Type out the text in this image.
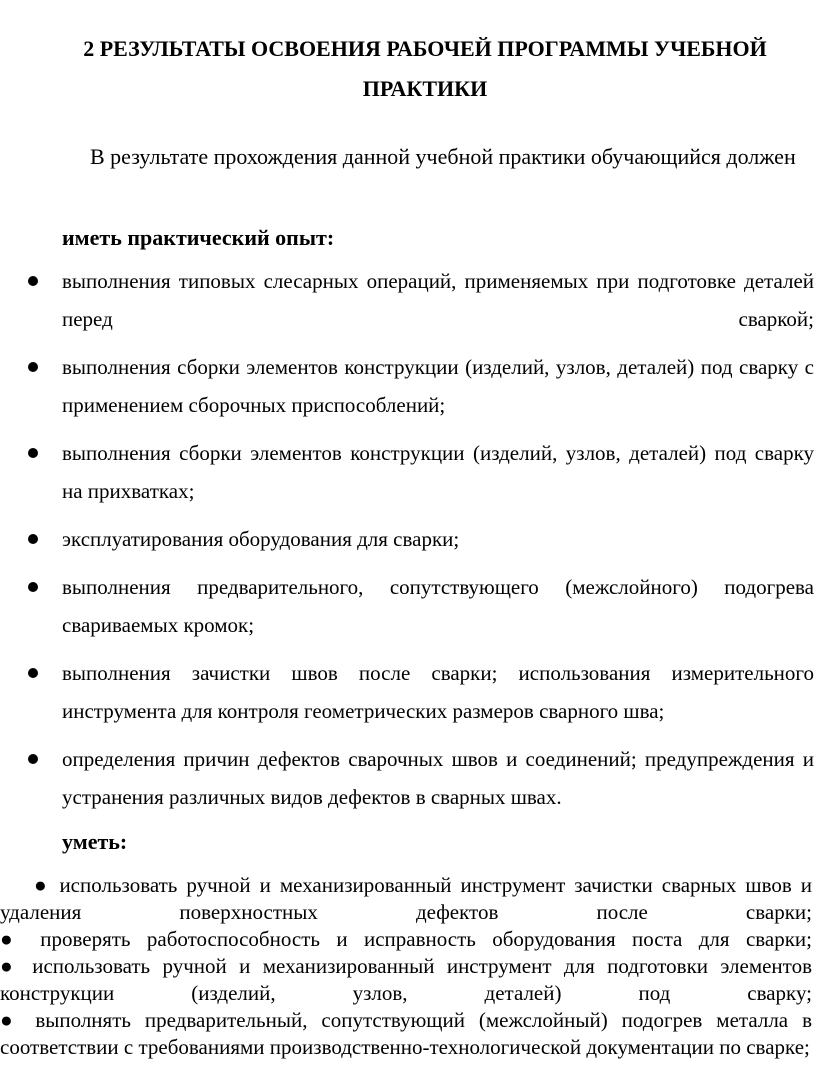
2 РЕЗУЛЬТАТЫ ОСВОЕНИЯ РАБОЧЕЙ ПРОГРАММЫ УЧЕБНОЙ
ПРАКТИКИ

В результате прохождения данной учебной практики обучающийся должен

иметь практический опыт:

выполнения типовых слесарных операций, применяемых при подготовке деталей перед сваркой;
выполнения сборки элементов конструкции (изделий, узлов, деталей) под сварку с применением сборочных приспособлений;
выполнения сборки элементов конструкции (изделий, узлов, деталей) под сварку на прихватках;
эксплуатирования оборудования для сварки;
выполнения предварительного, сопутствующего (межслойного) подогрева свариваемых кромок;
выполнения зачистки швов после сварки; использования измерительного инструмента для контроля геометрических размеров сварного шва;
определения причин дефектов сварочных швов и соединений; предупреждения и устранения различных видов дефектов в сварных швах.

уметь:

● использовать ручной и механизированный инструмент зачистки сварных швов и удаления поверхностных дефектов после сварки;

● проверять работоспособность и исправность оборудования поста для сварки;

● использовать ручной и механизированный инструмент для подготовки элементов конструкции (изделий, узлов, деталей) под сварку;

● выполнять предварительный, сопутствующий (межслойный) подогрев металла в соответствии с требованиями производственно-технологической документации по сварке;
